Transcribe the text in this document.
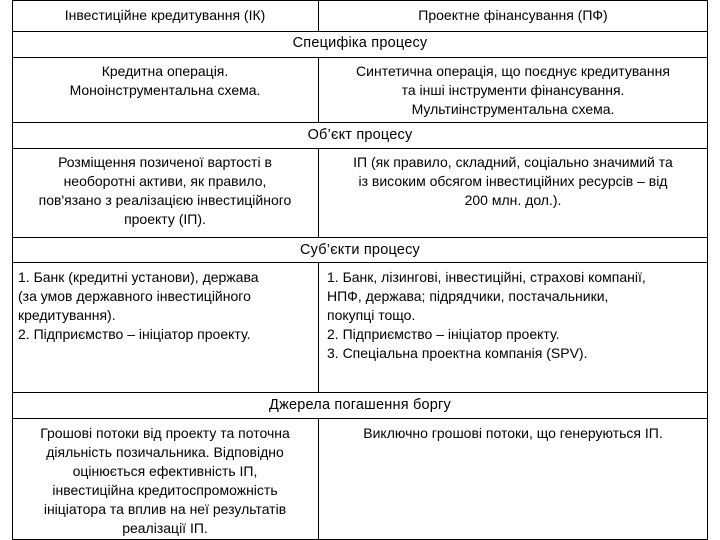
Інвестиційне кредитування (ІК)	Проектне фінансування (ПФ)
Специфіка процесу
Кредитна операція.
Моноінструментальна схема.
Синтетична операція, що поєднує кредитування
та інші інструменти фінансування.
Мультиінструментальна схема.
Об’єкт процесу
Розміщення позиченої вартості в
необоротні активи, як правило,
пов'язано з реалізацією інвестиційного
проекту (ІП).
ІП (як правило, складний, соціально значимий та
із високим обсягом інвестиційних ресурсів – від
200 млн. дол.).
Суб’єкти процесу
1. Банк (кредитні установи), держава
(за умов державного інвестиційного
кредитування).
2. Підприємство – ініціатор проекту.
1. Банк, лізингові, інвестиційні, страхові компанії,
НПФ, держава; підрядчики, постачальники,
покупці тощо.
2. Підприємство – ініціатор проекту.
3. Спеціальна проектна компанія (SPV).
Джерела погашення боргу
Грошові потоки від проекту та поточна
діяльність позичальника. Відповідно
оцінюється ефективність ІП,
інвестиційна кредитоспроможність
ініціатора та вплив на неї результатів
реалізації ІП.
Виключно грошові потоки, що генеруються ІП.
